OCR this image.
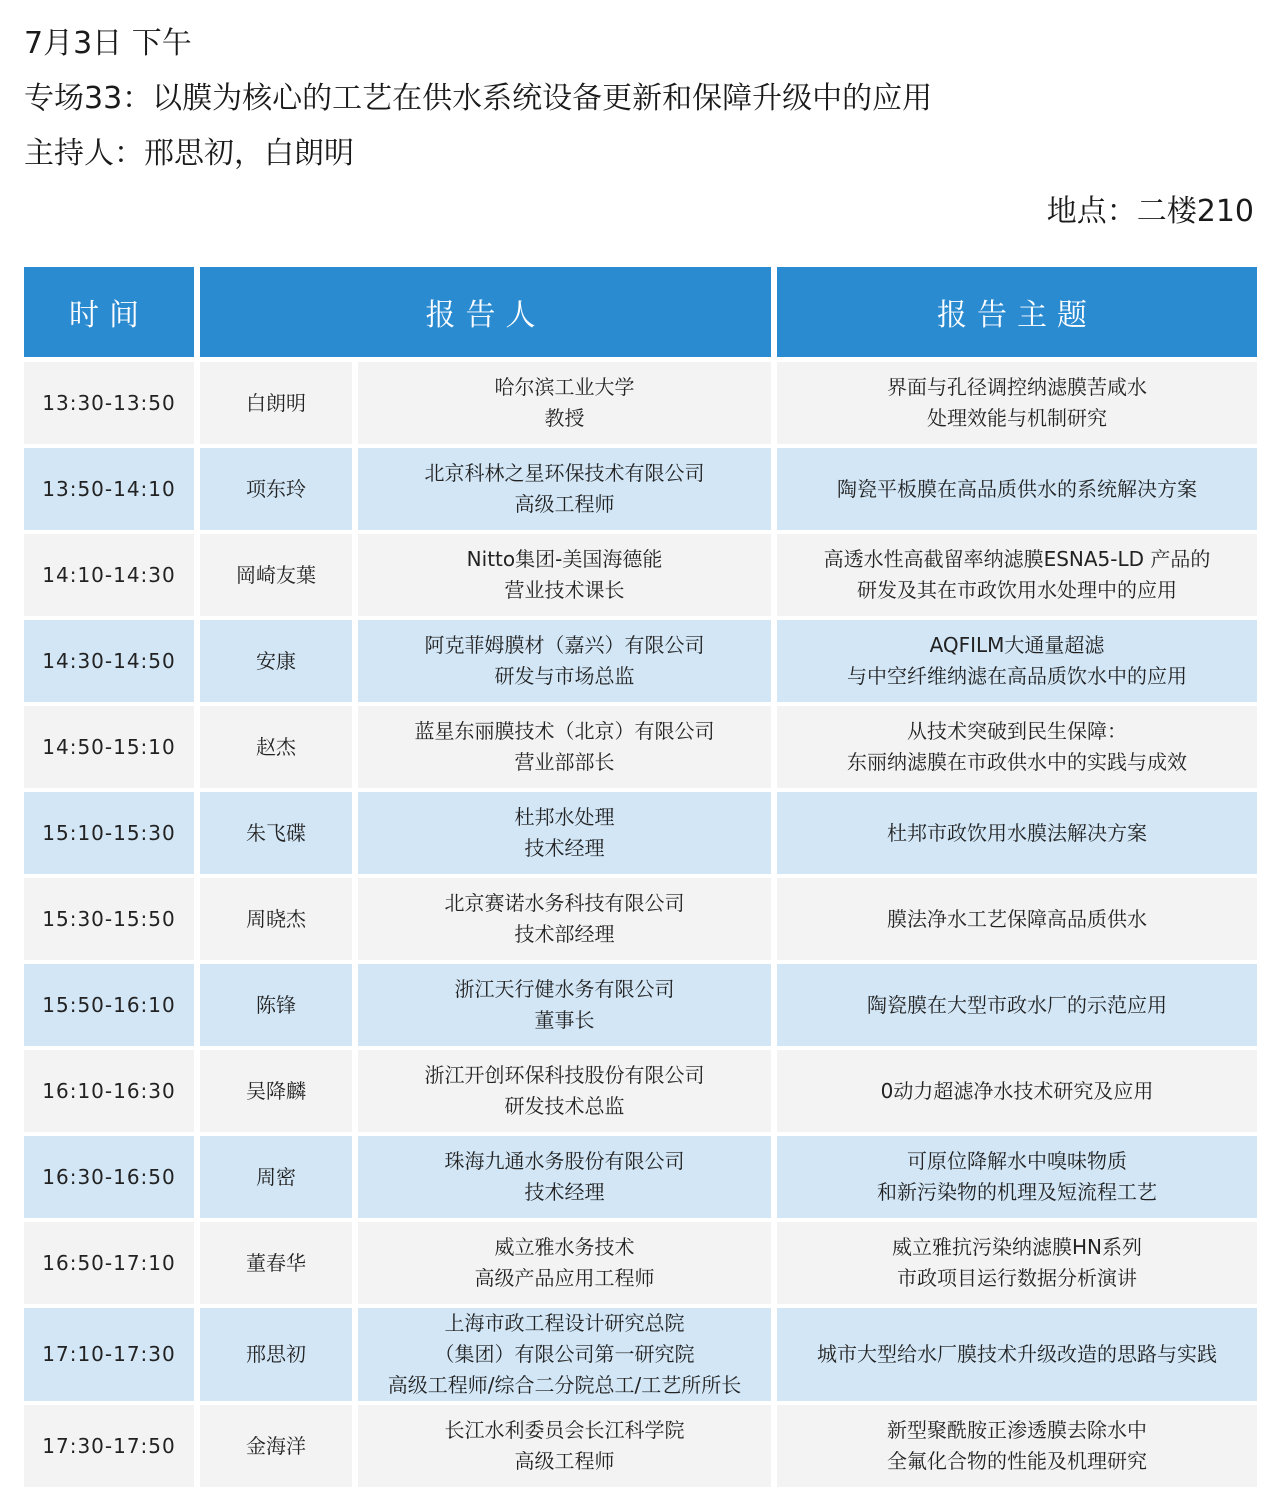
7月3日 下午
专场33：以膜为核心的工艺在供水系统设备更新和保障升级中的应用
主持人：邢思初，白朗明
地点：二楼210
时间	报告人		报告主题

13:30-13:50	白朗明	哈尔滨工业大学
教授	界面与孔径调控纳滤膜苦咸水
处理效能与机制研究

13:50-14:10	项东玲	北京科林之星环保技术有限公司
高级工程师	陶瓷平板膜在高品质供水的系统解决方案

14:10-14:30	岡崎友葉	Nitto集团-美国海德能
营业技术课长	高透水性高截留率纳滤膜ESNA5-LD 产品的
研发及其在市政饮用水处理中的应用

14:30-14:50	安康	阿克菲姆膜材（嘉兴）有限公司
研发与市场总监	AQFILM大通量超滤
与中空纤维纳滤在高品质饮水中的应用

14:50-15:10	赵杰	蓝星东丽膜技术（北京）有限公司
营业部部长	从技术突破到民生保障：
东丽纳滤膜在市政供水中的实践与成效

15:10-15:30	朱飞碟	杜邦水处理
技术经理	杜邦市政饮用水膜法解决方案

15:30-15:50	周晓杰	北京赛诺水务科技有限公司
技术部经理	膜法净水工艺保障高品质供水

15:50-16:10	陈锋	浙江天行健水务有限公司
董事长	陶瓷膜在大型市政水厂的示范应用

16:10-16:30	吴降麟	浙江开创环保科技股份有限公司
研发技术总监	0动力超滤净水技术研究及应用

16:30-16:50	周密	珠海九通水务股份有限公司
技术经理	可原位降解水中嗅味物质
和新污染物的机理及短流程工艺

16:50-17:10	董春华	威立雅水务技术
高级产品应用工程师	威立雅抗污染纳滤膜HN系列
市政项目运行数据分析演讲

17:10-17:30	邢思初	上海市政工程设计研究总院
（集团）有限公司第一研究院
高级工程师/综合二分院总工/工艺所所长	城市大型给水厂膜技术升级改造的思路与实践

17:30-17:50	金海洋	长江水利委员会长江科学院
高级工程师	新型聚酰胺正渗透膜去除水中
全氟化合物的性能及机理研究
